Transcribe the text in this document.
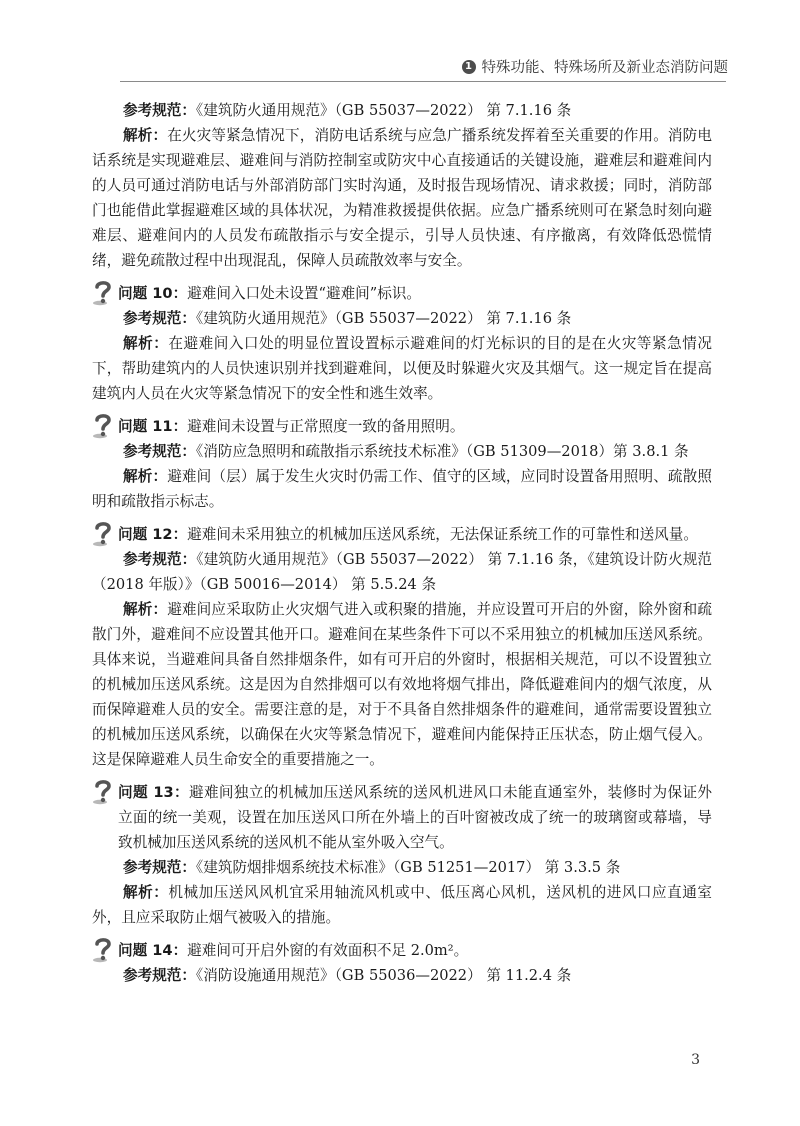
1 特殊功能、特殊场所及新业态消防问题

参考规范：《建筑防火通用规范》（GB 55037—2022） 第 7.1.16 条

解析：在火灾等紧急情况下，消防电话系统与应急广播系统发挥着至关重要的作用。消防电话系统是实现避难层、避难间与消防控制室或防灾中心直接通话的关键设施，避难层和避难间内的人员可通过消防电话与外部消防部门实时沟通，及时报告现场情况、请求救援；同时，消防部门也能借此掌握避难区域的具体状况，为精准救援提供依据。应急广播系统则可在紧急时刻向避难层、避难间内的人员发布疏散指示与安全提示，引导人员快速、有序撤离，有效降低恐慌情绪，避免疏散过程中出现混乱，保障人员疏散效率与安全。

问题 10：避难间入口处未设置“避难间”标识。

参考规范：《建筑防火通用规范》（GB 55037—2022） 第 7.1.16 条

解析：在避难间入口处的明显位置设置标示避难间的灯光标识的目的是在火灾等紧急情况下，帮助建筑内的人员快速识别并找到避难间，以便及时躲避火灾及其烟气。这一规定旨在提高建筑内人员在火灾等紧急情况下的安全性和逃生效率。

问题 11：避难间未设置与正常照度一致的备用照明。

参考规范：《消防应急照明和疏散指示系统技术标准》（GB 51309—2018）第 3.8.1 条

解析：避难间（层）属于发生火灾时仍需工作、值守的区域，应同时设置备用照明、疏散照明和疏散指示标志。

问题 12：避难间未采用独立的机械加压送风系统，无法保证系统工作的可靠性和送风量。

参考规范：《建筑防火通用规范》（GB 55037—2022） 第 7.1.16 条，《建筑设计防火规范（2018 年版）》（GB 50016—2014） 第 5.5.24 条

解析：避难间应采取防止火灾烟气进入或积聚的措施，并应设置可开启的外窗，除外窗和疏散门外，避难间不应设置其他开口。避难间在某些条件下可以不采用独立的机械加压送风系统。具体来说，当避难间具备自然排烟条件，如有可开启的外窗时，根据相关规范，可以不设置独立的机械加压送风系统。这是因为自然排烟可以有效地将烟气排出，降低避难间内的烟气浓度，从而保障避难人员的安全。需要注意的是，对于不具备自然排烟条件的避难间，通常需要设置独立的机械加压送风系统，以确保在火灾等紧急情况下，避难间内能保持正压状态，防止烟气侵入。这是保障避难人员生命安全的重要措施之一。

问题 13：避难间独立的机械加压送风系统的送风机进风口未能直通室外，装修时为保证外立面的统一美观，设置在加压送风口所在外墙上的百叶窗被改成了统一的玻璃窗或幕墙，导致机械加压送风系统的送风机不能从室外吸入空气。

参考规范：《建筑防烟排烟系统技术标准》（GB 51251—2017） 第 3.3.5 条

解析：机械加压送风风机宜采用轴流风机或中、低压离心风机，送风机的进风口应直通室外，且应采取防止烟气被吸入的措施。

问题 14：避难间可开启外窗的有效面积不足 2.0m²。

参考规范：《消防设施通用规范》（GB 55036—2022） 第 11.2.4 条

3
